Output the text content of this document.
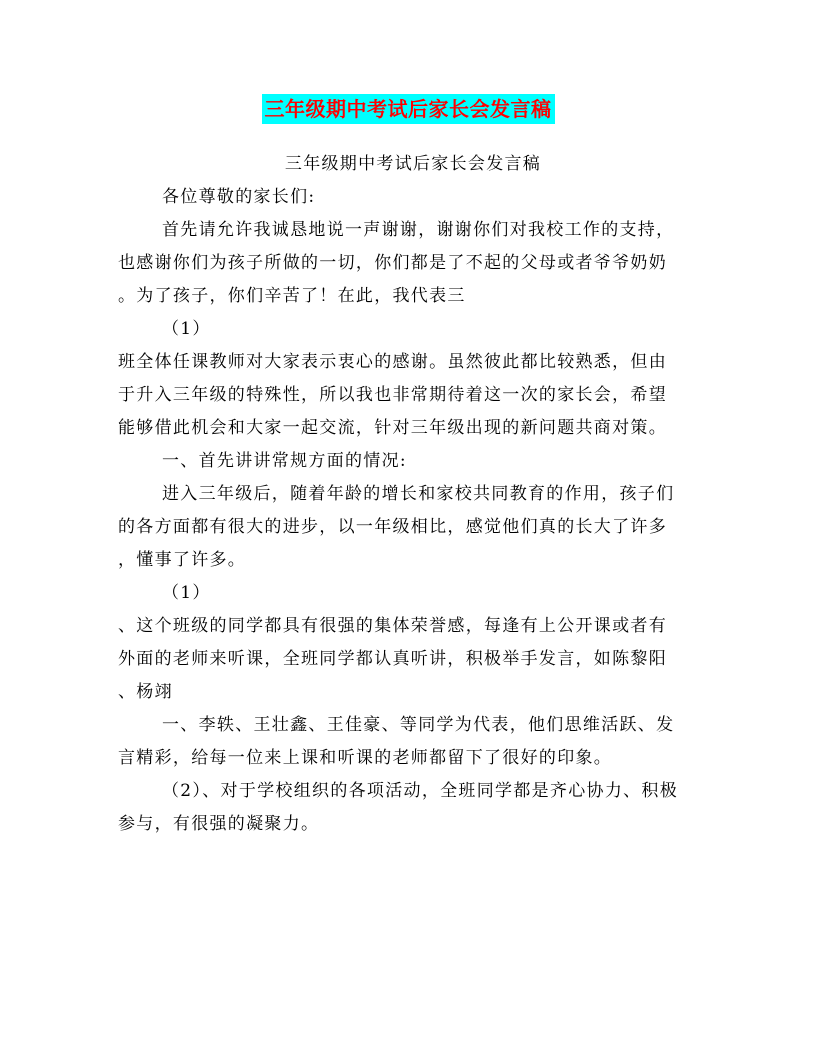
三年级期中考试后家长会发言稿
三年级期中考试后家长会发言稿
各位尊敬的家长们:
首先请允许我诚恳地说一声谢谢，谢谢你们对我校工作的支持，
也感谢你们为孩子所做的一切，你们都是了不起的父母或者爷爷奶奶
。为了孩子，你们辛苦了！在此，我代表三
（1）
班全体任课教师对大家表示衷心的感谢。虽然彼此都比较熟悉，但由
于升入三年级的特殊性，所以我也非常期待着这一次的家长会，希望
能够借此机会和大家一起交流，针对三年级出现的新问题共商对策。
一、首先讲讲常规方面的情况:
进入三年级后，随着年龄的增长和家校共同教育的作用，孩子们
的各方面都有很大的进步，以一年级相比，感觉他们真的长大了许多
，懂事了许多。
（1）
、这个班级的同学都具有很强的集体荣誉感，每逢有上公开课或者有
外面的老师来听课，全班同学都认真听讲，积极举手发言，如陈黎阳
、杨翊
一、李轶、王壮鑫、王佳豪、等同学为代表，他们思维活跃、发
言精彩，给每一位来上课和听课的老师都留下了很好的印象。
（2）、对于学校组织的各项活动，全班同学都是齐心协力、积极
参与，有很强的凝聚力。
